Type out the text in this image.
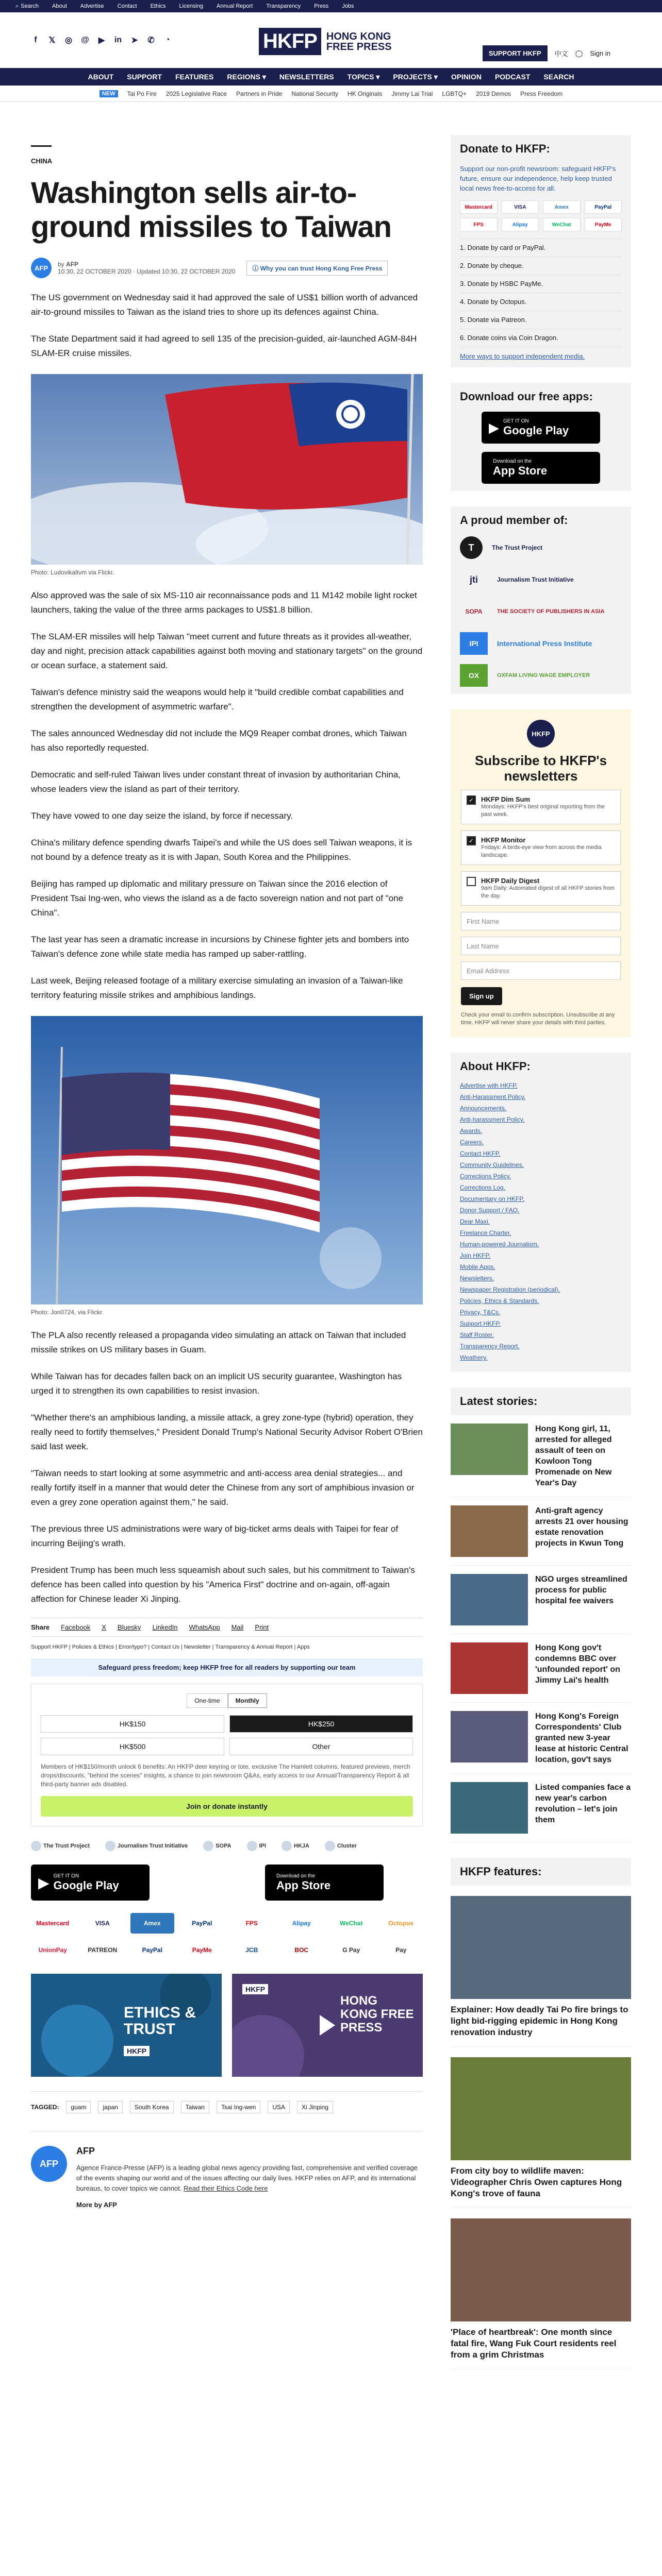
⌕ Search About Advertise Contact Ethics Licensing Annual Report Transparency Press Jobs
f	𝕏 ◎ @ ▶ in ➤ ✆ ◔	HKFP HONG KONG
FREE PRESS
SUPPORT HKFP	中文 ◯ Sign in
ABOUT SUPPORT FEATURES REGIONS ▾ NEWSLETTERS TOPICS ▾ PROJECTS ▾ OPINION PODCAST SEARCH
NEW	Tai Po Fire 2025 Legislative Race Partners in Pride National Security HK Originals Jimmy Lai Trial LGBTQ+ 2019 Demos Press Freedom
CHINA
Washington sells air-to-ground missiles to Taiwan
AFP	by AFP
10:30, 22 OCTOBER 2020 · Updated 10:30, 22 OCTOBER 2020	ⓘ Why you can trust Hong Kong Free Press

The US government on Wednesday said it had approved the sale of US$1 billion worth of advanced air-to-ground missiles to Taiwan as the island tries to shore up its defences against China.

The State Department said it had agreed to sell 135 of the precision-guided, air-launched AGM-84H SLAM-ER cruise missiles.

Photo: Ludovikaltvm via Flickr.

Also approved was the sale of six MS-110 air reconnaissance pods and 11 M142 mobile light rocket launchers, taking the value of the three arms packages to US$1.8 billion.

The SLAM-ER missiles will help Taiwan "meet current and future threats as it provides all-weather, day and night, precision attack capabilities against both moving and stationary targets" on the ground or ocean surface, a statement said.

Taiwan's defence ministry said the weapons would help it "build credible combat capabilities and strengthen the development of asymmetric warfare".

The sales announced Wednesday did not include the MQ9 Reaper combat drones, which Taiwan has also reportedly requested.

Democratic and self-ruled Taiwan lives under constant threat of invasion by authoritarian China, whose leaders view the island as part of their territory.

They have vowed to one day seize the island, by force if necessary.

China's military defence spending dwarfs Taipei's and while the US does sell Taiwan weapons, it is not bound by a defence treaty as it is with Japan, South Korea and the Philippines.

Beijing has ramped up diplomatic and military pressure on Taiwan since the 2016 election of President Tsai Ing-wen, who views the island as a de facto sovereign nation and not part of "one China".

The last year has seen a dramatic increase in incursions by Chinese fighter jets and bombers into Taiwan's defence zone while state media has ramped up saber-rattling.

Last week, Beijing released footage of a military exercise simulating an invasion of a Taiwan-like territory featuring missile strikes and amphibious landings.

Photo: Jon0724, via Flickr.

The PLA also recently released a propaganda video simulating an attack on Taiwan that included missile strikes on US military bases in Guam.

While Taiwan has for decades fallen back on an implicit US security guarantee, Washington has urged it to strengthen its own capabilities to resist invasion.

"Whether there's an amphibious landing, a missile attack, a grey zone-type (hybrid) operation, they really need to fortify themselves," President Donald Trump's National Security Advisor Robert O'Brien said last week.

"Taiwan needs to start looking at some asymmetric and anti-access area denial strategies... and really fortify itself in a manner that would deter the Chinese from any sort of amphibious invasion or even a grey zone operation against them," he said.

The previous three US administrations were wary of big-ticket arms deals with Taipei for fear of incurring Beijing's wrath.

President Trump has been much less squeamish about such sales, but his commitment to Taiwan's defence has been called into question by his "America First" doctrine and on-again, off-again affection for Chinese leader Xi Jinping.

Share Facebook X Bluesky LinkedIn WhatsApp Mail Print
Support HKFP | Policies & Ethics | Error/typo? | Contact Us | Newsletter | Transparency & Annual Report | Apps
Safeguard press freedom; keep HKFP free for all readers by supporting our team
One-time	Monthly
HK$150	HK$250
HK$500	Other
Members of HK$150/month unlock 6 benefits: An HKFP deer keyring or tote, exclusive The Hamlett columns, featured previews, merch drops/discounts, "behind the scenes" insights, a chance to join newsroom Q&As, early access to our Annual/Transparency Report & all third-party banner ads disabled.
Join or donate instantly
The Trust Project	Journalism Trust Initiative	SOPA	IPI	HKJA	Cluster
▶ GET IT ON
Google Play
Download on the
App Store
Mastercard	VISA	Amex	PayPal	FPS	Alipay	WeChat	Octopus
UnionPay	PATREON	PayPal	PayMe	JCB	BOC	G Pay	Pay
ETHICS & TRUST
HKFP
HONG KONG FREE PRESS
HKFP
TAGGED:	guam	japan	South Korea	Taiwan	Tsai Ing-wen	USA	Xi Jinping
AFP
AFP
Agence France-Presse (AFP) is a leading global news agency providing fast, comprehensive and verified coverage of the events shaping our world and of the issues affecting our daily lives. HKFP relies on AFP, and its international bureaus, to cover topics we cannot. Read their Ethics Code here
More by AFP
Donate to HKFP:

Support our non-profit newsroom: safeguard HKFP's future, ensure our independence, help keep trusted local news free-to-access for all.

Mastercard	VISA	Amex	PayPal
FPS	Alipay	WeChat	PayMe
1. Donate by card or PayPal.
2. Donate by cheque.
3. Donate by HSBC PayMe.
4. Donate by Octopus.
5. Donate via Patreon.
6. Donate coins via Coin Dragon.
More ways to support independent media.
Download our free apps:
▶ GET IT ON
Google Play
Download on the
App Store
A proud member of:
T	The Trust Project
jti	Journalism Trust Initiative
SOPA	THE SOCIETY OF PUBLISHERS IN ASIA
IPI	International Press Institute
OX	OXFAM LIVING WAGE EMPLOYER
HKFP
Subscribe to HKFP's newsletters
✓	HKFP Dim Sum
Mondays: HKFP's best original reporting from the past week.
✓	HKFP Monitor
Fridays: A birds-eye view from across the media landscape.
HKFP Daily Digest
9am Daily: Automated digest of all HKFP stories from the day.
First Name
Last Name
Email Address
Sign up
Check your email to confirm subscription. Unsubscribe at any time. HKFP will never share your details with third parties.
About HKFP:
Advertise with HKFP.
Anti-Harassment Policy.
Announcements.
Anti-harassment Policy.
Awards.
Careers.
Contact HKFP.
Community Guidelines.
Corrections Policy.
Corrections Log.
Documentary on HKFP.
Donor Support / FAQ.
Dear Maxi.
Freelance Charter.
Human-powered Journalism.
Join HKFP.
Mobile Apps.
Newsletters.
Newspaper Registration (periodical).
Policies, Ethics & Standards.
Privacy, T&Cs.
Support HKFP.
Staff Roster.
Transparency Report.
Weathery.
Latest stories:
Hong Kong girl, 11, arrested for alleged assault of teen on Kowloon Tong Promenade on New Year's Day
Anti-graft agency arrests 21 over housing estate renovation projects in Kwun Tong
NGO urges streamlined process for public hospital fee waivers
Hong Kong gov't condemns BBC over 'unfounded report' on Jimmy Lai's health
Hong Kong's Foreign Correspondents' Club granted new 3-year lease at historic Central location, gov't says
Listed companies face a new year's carbon revolution – let's join them
HKFP features:
Explainer: How deadly Tai Po fire brings to light bid-rigging epidemic in Hong Kong renovation industry
From city boy to wildlife maven: Videographer Chris Owen captures Hong Kong's trove of fauna
'Place of heartbreak': One month since fatal fire, Wang Fuk Court residents reel from a grim Christmas
